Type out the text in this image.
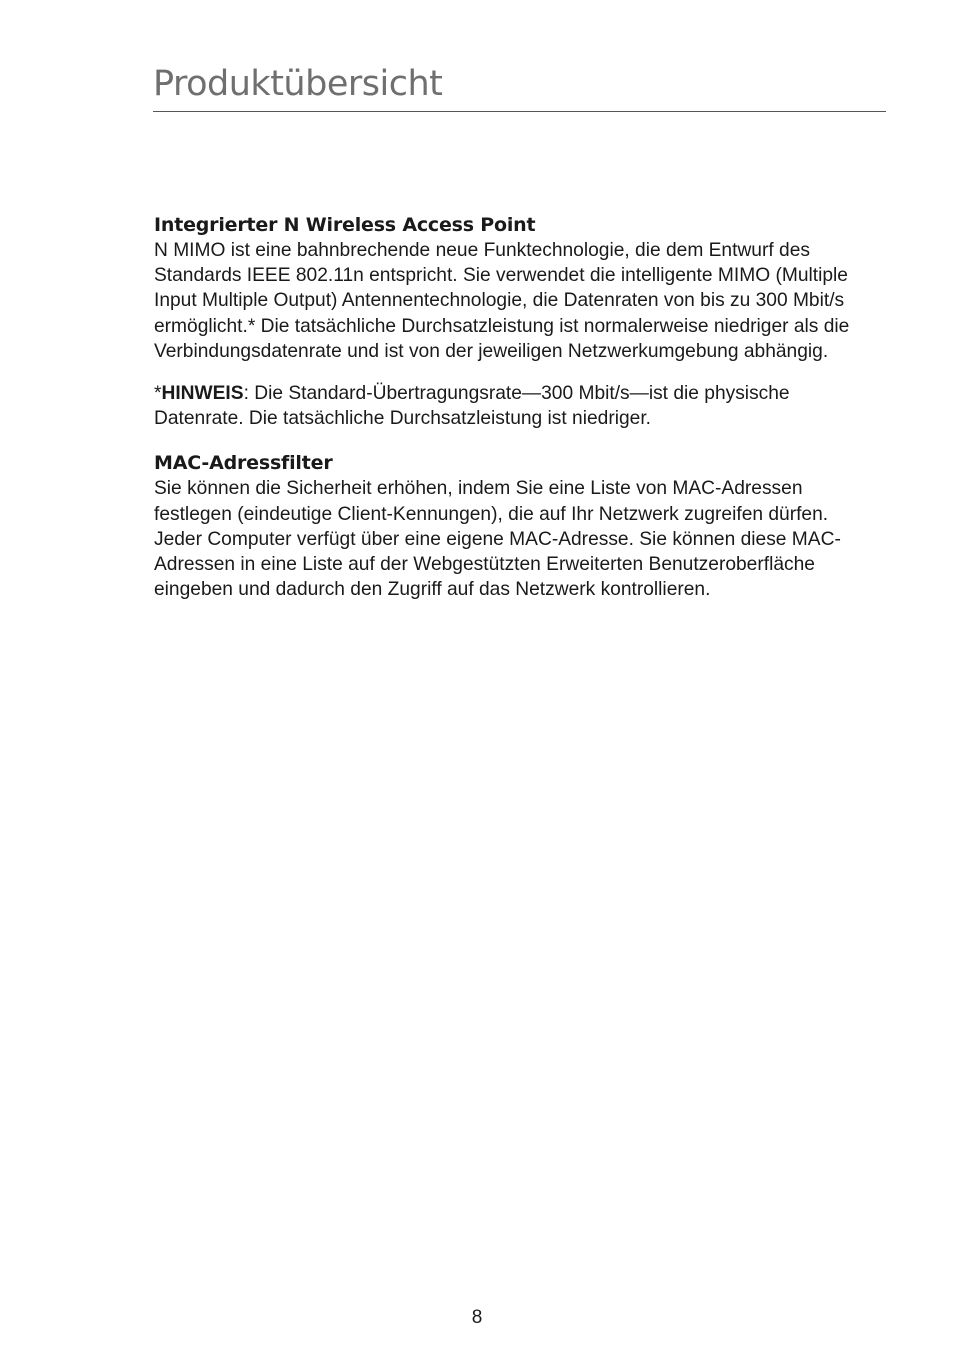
Produktübersicht
Integrierter N Wireless Access Point

N MIMO ist eine bahnbrechende neue Funktechnologie, die dem Entwurf des Standards IEEE 802.11n entspricht. Sie verwendet die intelligente MIMO (Multiple Input Multiple Output) Antennentechnologie, die Datenraten von bis zu 300 Mbit/s ermöglicht.* Die tatsächliche Durchsatzleistung ist normalerweise niedriger als die Verbindungsdatenrate und ist von der jeweiligen Netzwerkumgebung abhängig.

*HINWEIS: Die Standard-Übertragungsrate—300 Mbit/s—ist die physische Datenrate. Die tatsächliche Durchsatzleistung ist niedriger.

MAC-Adressfilter

Sie können die Sicherheit erhöhen, indem Sie eine Liste von MAC-Adressen festlegen (eindeutige Client-Kennungen), die auf Ihr Netzwerk zugreifen dürfen. Jeder Computer verfügt über eine eigene MAC-Adresse. Sie können diese MAC-Adressen in eine Liste auf der Webgestützten Erweiterten Benutzeroberfläche eingeben und dadurch den Zugriff auf das Netzwerk kontrollieren.

8
